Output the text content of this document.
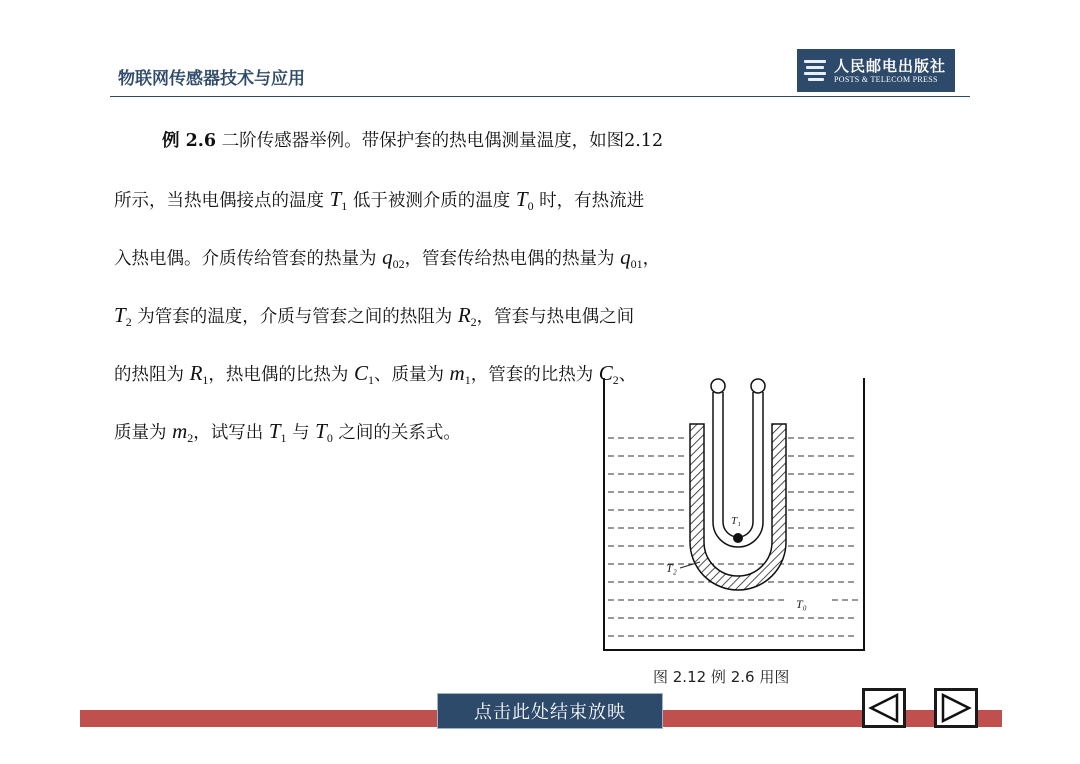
物联网传感器技术与应用
人民邮电出版社
POSTS & TELECOM PRESS
例 2.6 二阶传感器举例。带保护套的热电偶测量温度，如图2.12
所示，当热电偶接点的温度 $T_1$ 低于被测介质的温度 $T_0$ 时，有热流进
入热电偶。介质传给管套的热量为 $q_{02}$，管套传给热电偶的热量为 $q_{01}$，
$T_2$ 为管套的温度，介质与管套之间的热阻为 $R_2$，管套与热电偶之间
的热阻为 $R_1$，热电偶的比热为 $C_1$、质量为 $m_1$，管套的比热为 $C_2$、
质量为 $m_2$，试写出 $T_1$ 与 $T_0$ 之间的关系式。
T₁
T₂
T₀
图 2.12 例 2.6 用图
点击此处结束放映
